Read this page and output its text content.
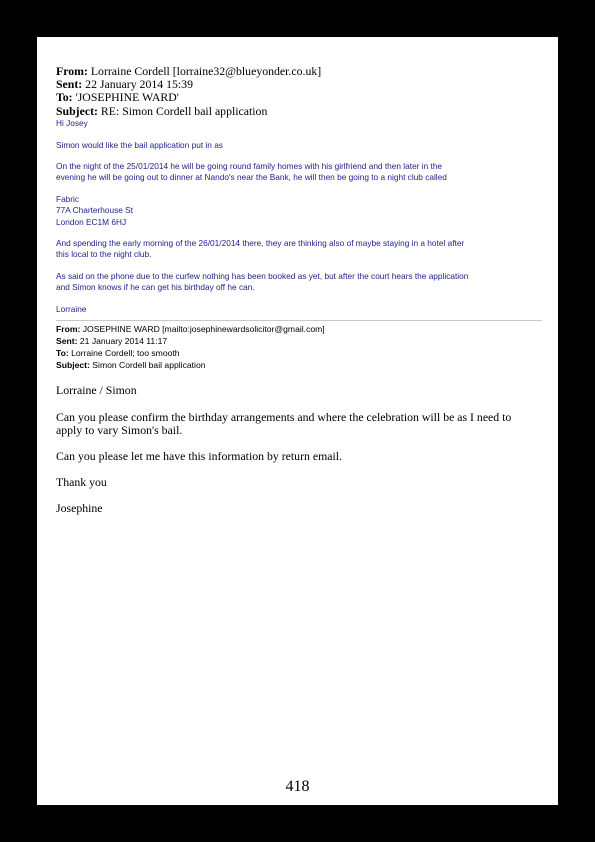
From: Lorraine Cordell [lorraine32@blueyonder.co.uk]
Sent: 22 January 2014 15:39
To: 'JOSEPHINE WARD'
Subject: RE: Simon Cordell bail application

Hi Josey

Simon would like the bail application put in as

On the night of the 25/01/2014 he will be going round family homes with his girlfriend and then later in the

evening he will be going out to dinner at Nando's near the Bank, he will then be going to a night club called

Fabric

77A Charterhouse St

London EC1M 6HJ

And spending the early morning of the 26/01/2014 there, they are thinking also of maybe staying in a hotel after

this local to the night club.

As said on the phone due to the curfew nothing has been booked as yet, but after the court hears the application

and Simon knows if he can get his birthday off he can.

Lorraine

From: JOSEPHINE WARD [mailto:josephinewardsolicitor@gmail.com]
Sent: 21 January 2014 11:17
To: Lorraine Cordell; too smooth
Subject: Simon Cordell bail application

Lorraine / Simon

Can you please confirm the birthday arrangements and where the celebration will be as I need to

apply to vary Simon's bail.

Can you please let me have this information by return email.

Thank you

Josephine

418
